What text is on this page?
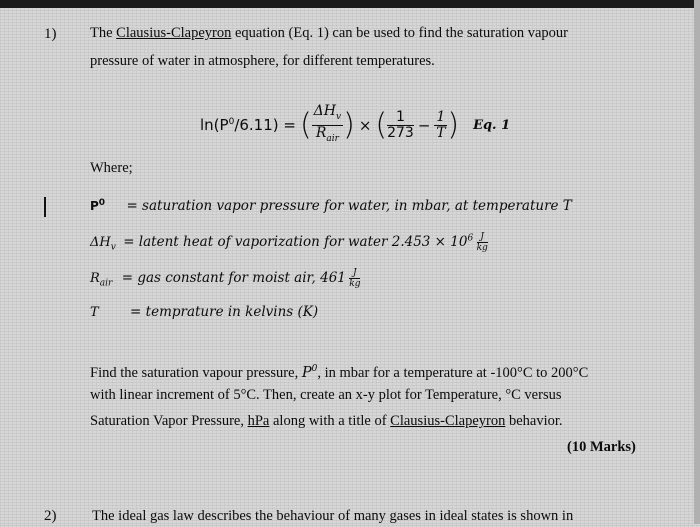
1) The Clausius-Clapeyron equation (Eq. 1) can be used to find the saturation vapour
pressure of water in atmosphere, for different temperatures.
$\ln(P^0/6.11)$ = ( $\frac{\Delta H_v}{R_{air}}$ ) × ( $\frac{1}{273} - \frac{1}{T}$ ) Eq. 1
Where;
$P^0$ = saturation vapor pressure for water, in mbar, at temperature T
$\Delta H_v$ = latent heat of vaporization for water $2.453 \times 10^6 \frac{J}{kg}$
$R_{air}$ = gas constant for moist air, $461 \frac{J}{kg}$
T = temprature in kelvins (K)
Find the saturation vapour pressure, $P^0$, in mbar for a temperature at -100°C to 200°C
with linear increment of 5°C. Then, create an x-y plot for Temperature, °C versus
Saturation Vapor Pressure, hPa along with a title of Clausius-Clapeyron behavior.
(10 Marks)
2) The ideal gas law describes the behaviour of many gases in ideal states is shown in
